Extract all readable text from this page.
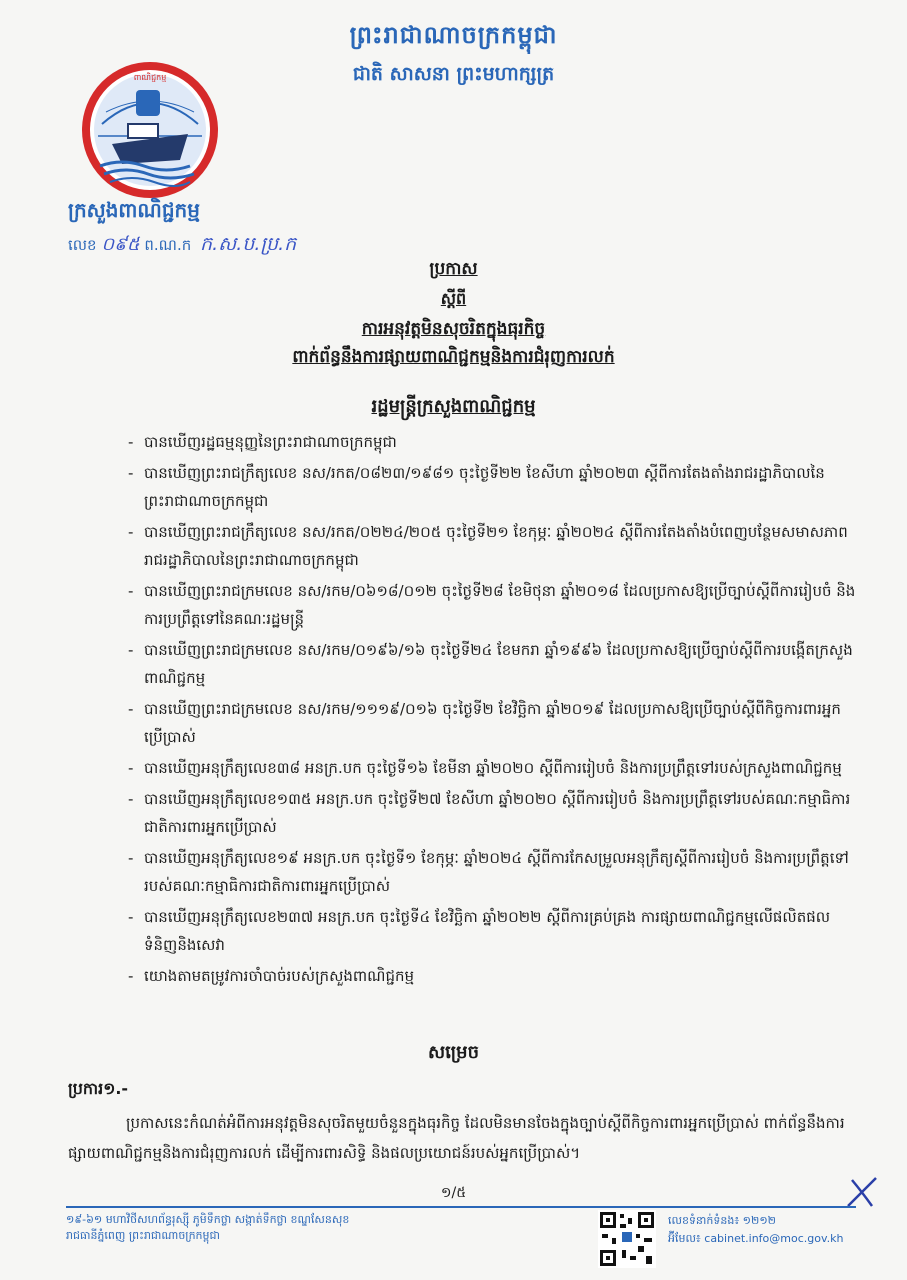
ព្រះរាជាណាចក្រកម្ពុជា
ជាតិ សាសនា ព្រះមហាក្សត្រ
ពាណិជ្ជកម្ម
ក្រសួងពាណិជ្ជកម្ម
លេខ ០៩៥ ព.ណ.ក ក.ស.ប.ប្រ.ក
ប្រកាស
ស្តីពី
ការអនុវត្តមិនសុចរិតក្នុងធុរកិច្ច
ពាក់ព័ន្ធនឹងការផ្សាយពាណិជ្ជកម្មនិងការជំរុញការលក់
រដ្ឋមន្ត្រីក្រសួងពាណិជ្ជកម្ម
- បានឃើញរដ្ឋធម្មនុញ្ញនៃព្រះរាជាណាចក្រកម្ពុជា
- បានឃើញព្រះរាជក្រឹត្យលេខ នស/រកត/០៨២៣/១៩៨១ ចុះថ្ងៃទី២២ ខែសីហា ឆ្នាំ២០២៣ ស្តីពីការតែងតាំងរាជរដ្ឋាភិបាលនៃព្រះរាជាណាចក្រកម្ពុជា
- បានឃើញព្រះរាជក្រឹត្យលេខ នស/រកត/០២២៤/២០៥ ចុះថ្ងៃទី២១ ខែកុម្ភៈ ឆ្នាំ២០២៤ ស្តីពីការតែងតាំងបំពេញបន្ថែមសមាសភាពរាជរដ្ឋាភិបាលនៃព្រះរាជាណាចក្រកម្ពុជា
- បានឃើញព្រះរាជក្រមលេខ នស/រកម/០៦១៨/០១២ ចុះថ្ងៃទី២៨ ខែមិថុនា ឆ្នាំ២០១៨ ដែលប្រកាសឱ្យប្រើច្បាប់ស្តីពីការរៀបចំ និងការប្រព្រឹត្តទៅនៃគណៈរដ្ឋមន្ត្រី
- បានឃើញព្រះរាជក្រមលេខ នស/រកម/០១៩៦/១៦ ចុះថ្ងៃទី២៤ ខែមករា ឆ្នាំ១៩៩៦ ដែលប្រកាសឱ្យប្រើច្បាប់ស្តីពីការបង្កើតក្រសួងពាណិជ្ជកម្ម
- បានឃើញព្រះរាជក្រមលេខ នស/រកម/១១១៩/០១៦ ចុះថ្ងៃទី២ ខែវិច្ឆិកា ឆ្នាំ២០១៩ ដែលប្រកាសឱ្យប្រើច្បាប់ស្តីពីកិច្ចការពារអ្នកប្រើប្រាស់
- បានឃើញអនុក្រឹត្យលេខ៣៨ អនក្រ.បក ចុះថ្ងៃទី១៦ ខែមីនា ឆ្នាំ២០២០ ស្តីពីការរៀបចំ និងការប្រព្រឹត្តទៅរបស់ក្រសួងពាណិជ្ជកម្ម
- បានឃើញអនុក្រឹត្យលេខ១៣៥ អនក្រ.បក ចុះថ្ងៃទី២៧ ខែសីហា ឆ្នាំ២០២០ ស្តីពីការរៀបចំ និងការប្រព្រឹត្តទៅរបស់គណៈកម្មាធិការជាតិការពារអ្នកប្រើប្រាស់
- បានឃើញអនុក្រឹត្យលេខ១៩ អនក្រ.បក ចុះថ្ងៃទី១ ខែកុម្ភៈ ឆ្នាំ២០២៤ ស្តីពីការកែសម្រួលអនុក្រឹត្យស្តីពីការរៀបចំ និងការប្រព្រឹត្តទៅរបស់គណៈកម្មាធិការជាតិការពារអ្នកប្រើប្រាស់
- បានឃើញអនុក្រឹត្យលេខ២៣៧ អនក្រ.បក ចុះថ្ងៃទី៤ ខែវិច្ឆិកា ឆ្នាំ២០២២ ស្តីពីការគ្រប់គ្រង ការផ្សាយពាណិជ្ជកម្មលើផលិតផលទំនិញនិងសេវា
- យោងតាមតម្រូវការចាំបាច់របស់ក្រសួងពាណិជ្ជកម្ម
សម្រេច
ប្រការ១.-
ប្រកាសនេះកំណត់អំពីការអនុវត្តមិនសុចរិតមួយចំនួនក្នុងធុរកិច្ច ដែលមិនមានចែងក្នុងច្បាប់ស្តីពីកិច្ចការពារអ្នកប្រើប្រាស់ ពាក់ព័ន្ធនឹងការផ្សាយពាណិជ្ជកម្មនិងការជំរុញការលក់ ដើម្បីការពារសិទ្ធិ និងផលប្រយោជន៍របស់អ្នកប្រើប្រាស់។
១/៥
១៩-៦១ មហាវិថីសហព័ន្ធរុស្ស៊ី ភូមិទឹកថ្លា សង្កាត់ទឹកថ្លា ខណ្ឌសែនសុខ
រាជធានីភ្នំពេញ ព្រះរាជាណាចក្រកម្ពុជា
លេខទំនាក់ទំនង៖ ១២១២
អ៊ីមែល៖ cabinet.info@moc.gov.kh
